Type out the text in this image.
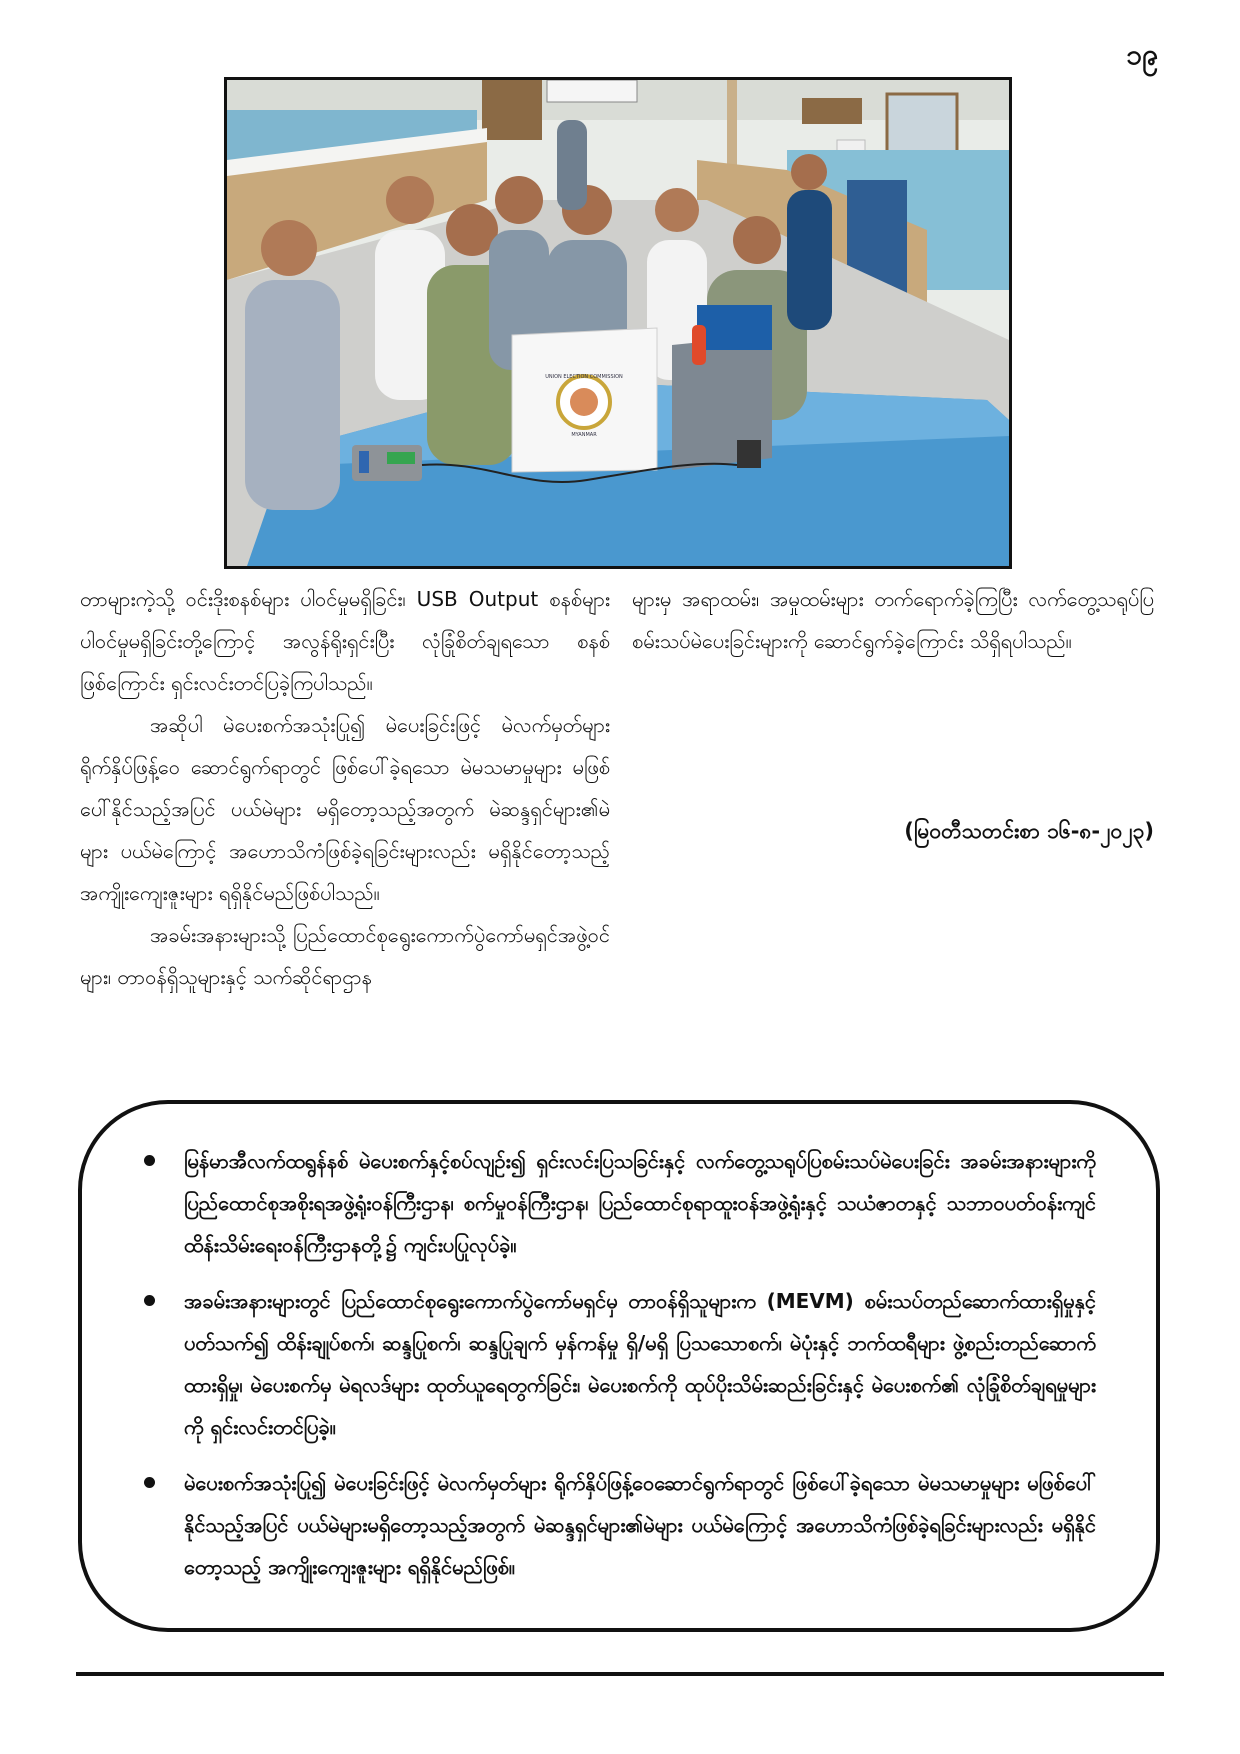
၁၉
UNION ELECTION COMMISSION
MYANMAR

တာများကဲ့သို့ ဝင်းဒိုးစနစ်များ ပါဝင်မှုမရှိခြင်း၊ USB Output စနစ်များ ပါဝင်မှုမရှိခြင်းတို့ကြောင့် အလွန်ရိုးရှင်းပြီး လုံခြုံစိတ်ချရသော စနစ်ဖြစ်ကြောင်း ရှင်းလင်းတင်ပြခဲ့ကြပါသည်။

အဆိုပါ မဲပေးစက်အသုံးပြု၍ မဲပေးခြင်းဖြင့် မဲလက်မှတ်များ ရိုက်နှိပ်ဖြန့်ဝေ ဆောင်ရွက်ရာတွင် ဖြစ်ပေါ်ခဲ့ရသော မဲမသမာမှုများ မဖြစ်ပေါ်နိုင်သည့်အပြင် ပယ်မဲများ မရှိတော့သည့်အတွက် မဲဆန္ဒရှင်များ၏မဲများ ပယ်မဲကြောင့် အဟောသိကံဖြစ်ခဲ့ရခြင်းများလည်း မရှိနိုင်တော့သည့် အကျိုးကျေးဇူးများ ရရှိနိုင်မည်ဖြစ်ပါသည်။

အခမ်းအနားများသို့ ပြည်ထောင်စုရွေးကောက်ပွဲကော်မရှင်အဖွဲ့ဝင်များ၊ တာဝန်ရှိသူများနှင့် သက်ဆိုင်ရာဌာန

များမှ အရာထမ်း၊ အမှုထမ်းများ တက်ရောက်ခဲ့ကြပြီး လက်တွေ့သရုပ်ပြစမ်းသပ်မဲပေးခြင်းများကို ဆောင်ရွက်ခဲ့ကြောင်း သိရှိရပါသည်။

(မြဝတီသတင်းစာ ၁၆-၈-၂၀၂၃)
မြန်မာအီလက်ထရွန်နစ် မဲပေးစက်နှင့်စပ်လျဉ်း၍ ရှင်းလင်းပြသခြင်းနှင့် လက်တွေ့သရုပ်ပြစမ်းသပ်မဲပေးခြင်း အခမ်းအနားများကို ပြည်ထောင်စုအစိုးရအဖွဲ့ရုံးဝန်ကြီးဌာန၊ စက်မှုဝန်ကြီးဌာန၊ ပြည်ထောင်စုရာထူးဝန်အဖွဲ့ရုံးနှင့် သယံဇာတနှင့် သဘာဝပတ်ဝန်းကျင်ထိန်းသိမ်းရေးဝန်ကြီးဌာနတို့၌ ကျင်းပပြုလုပ်ခဲ့။
အခမ်းအနားများတွင် ပြည်ထောင်စုရွေးကောက်ပွဲကော်မရှင်မှ တာဝန်ရှိသူများက (MEVM) စမ်းသပ်တည်ဆောက်ထားရှိမှုနှင့်ပတ်သက်၍ ထိန်းချုပ်စက်၊ ဆန္ဒပြုစက်၊ ဆန္ဒပြုချက် မှန်ကန်မှု ရှိ/မရှိ ပြသသောစက်၊ မဲပုံးနှင့် ဘက်ထရီများ ဖွဲ့စည်းတည်ဆောက်ထားရှိမှု၊ မဲပေးစက်မှ မဲရလဒ်များ ထုတ်ယူရေတွက်ခြင်း၊ မဲပေးစက်ကို ထုပ်ပိုးသိမ်းဆည်းခြင်းနှင့် မဲပေးစက်၏ လုံခြုံစိတ်ချရမှုများကို ရှင်းလင်းတင်ပြခဲ့။
မဲပေးစက်အသုံးပြု၍ မဲပေးခြင်းဖြင့် မဲလက်မှတ်များ ရိုက်နှိပ်ဖြန့်ဝေဆောင်ရွက်ရာတွင် ဖြစ်ပေါ်ခဲ့ရသော မဲမသမာမှုများ မဖြစ်ပေါ်နိုင်သည့်အပြင် ပယ်မဲများမရှိတော့သည့်အတွက် မဲဆန္ဒရှင်များ၏မဲများ ပယ်မဲကြောင့် အဟောသိကံဖြစ်ခဲ့ရခြင်းများလည်း မရှိနိုင်တော့သည့် အကျိုးကျေးဇူးများ ရရှိနိုင်မည်ဖြစ်။
